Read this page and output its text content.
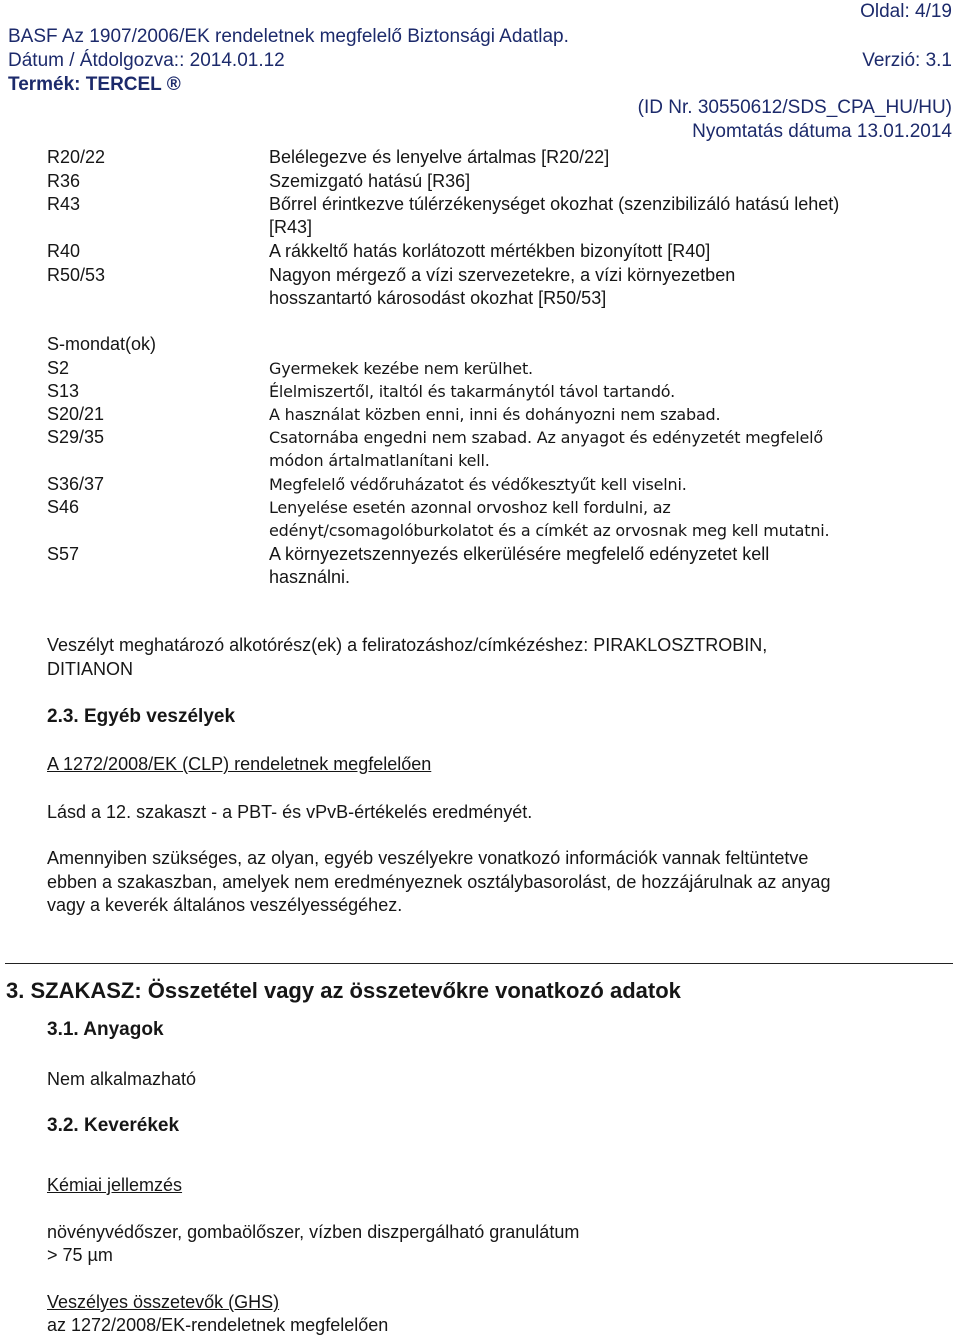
Oldal: 4/19
BASF Az 1907/2006/EK rendeletnek megfelelő Biztonsági Adatlap.
Dátum / Átdolgozva:: 2014.01.12	Verzió: 3.1
Termék: TERCEL ®
(ID Nr. 30550612/SDS_CPA_HU/HU)
Nyomtatás dátuma 13.01.2014
R20/22	Belélegezve és lenyelve ártalmas [R20/22]
R36	Szemizgató hatású [R36]
R43	Bőrrel érintkezve túlérzékenységet okozhat (szenzibilizáló hatású lehet)
[R43]
R40	A rákkeltő hatás korlátozott mértékben bizonyított [R40]
R50/53	Nagyon mérgező a vízi szervezetekre, a vízi környezetben
hosszantartó károsodást okozhat [R50/53]
S-mondat(ok)
S2	Gyermekek kezébe nem kerülhet.
S13	Élelmiszertől, italtól és takarmánytól távol tartandó.
S20/21	A használat közben enni, inni és dohányozni nem szabad.
S29/35	Csatornába engedni nem szabad. Az anyagot és edényzetét megfelelő
módon ártalmatlanítani kell.
S36/37	Megfelelő védőruházatot és védőkesztyűt kell viselni.
S46	Lenyelése esetén azonnal orvoshoz kell fordulni, az
edényt/csomagolóburkolatot és a címkét az orvosnak meg kell mutatni.
S57	A környezetszennyezés elkerülésére megfelelő edényzetet kell
használni.
Veszélyt meghatározó alkotórész(ek) a feliratozáshoz/címkézéshez: PIRAKLOSZTROBIN,
DITIANON
2.3. Egyéb veszélyek
A 1272/2008/EK (CLP) rendeletnek megfelelően
Lásd a 12. szakaszt - a PBT- és vPvB-értékelés eredményét.
Amennyiben szükséges, az olyan, egyéb veszélyekre vonatkozó információk vannak feltüntetve
ebben a szakaszban, amelyek nem eredményeznek osztálybasorolást, de hozzájárulnak az anyag
vagy a keverék általános veszélyességéhez.
3. SZAKASZ: Összetétel vagy az összetevőkre vonatkozó adatok
3.1. Anyagok
Nem alkalmazható
3.2. Keverékek
Kémiai jellemzés
növényvédőszer, gombaölőszer, vízben diszpergálható granulátum
> 75 µm
Veszélyes összetevők (GHS)
az 1272/2008/EK-rendeletnek megfelelően
